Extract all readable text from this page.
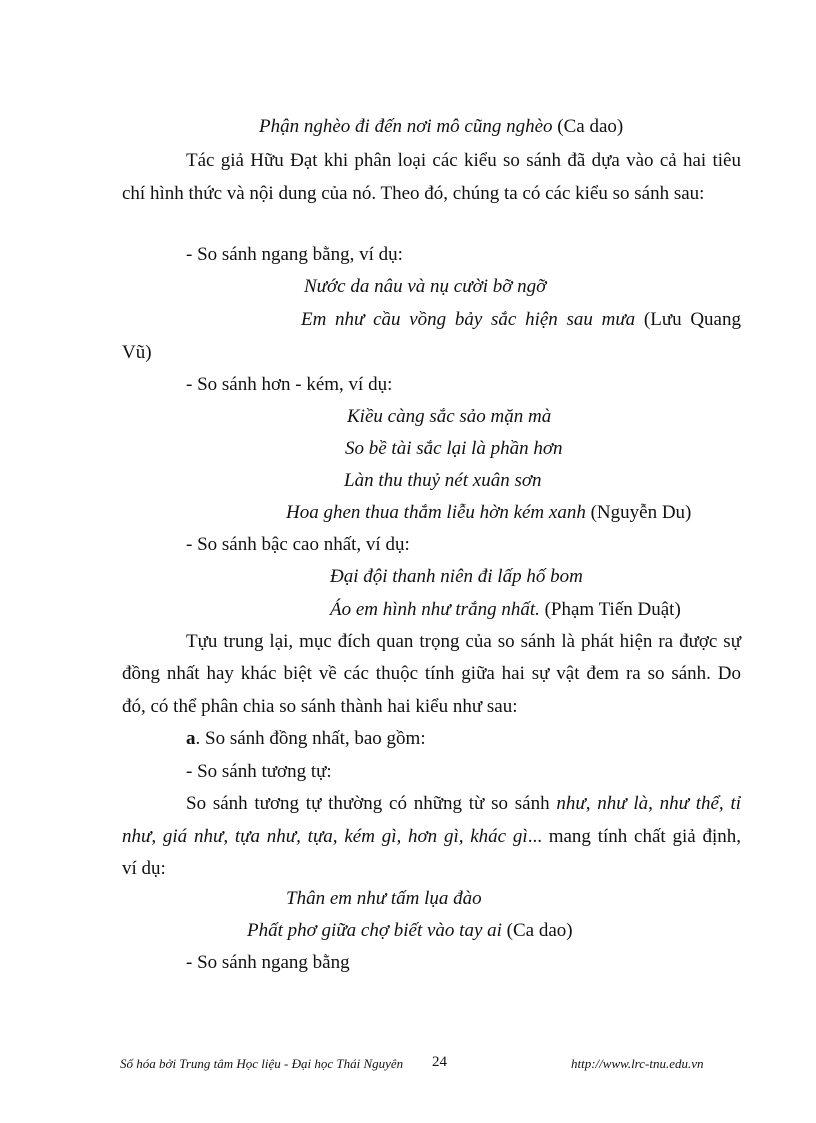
Phận nghèo đi đến nơi mô cũng nghèo (Ca dao)
Tác giả Hữu Đạt khi phân loại các kiểu so sánh đã dựa vào cả hai tiêu
chí hình thức và nội dung của nó. Theo đó, chúng ta có các kiểu so sánh sau:
- So sánh ngang bằng, ví dụ:
Nước da nâu và nụ cười bỡ ngỡ
Em như cầu vồng bảy sắc hiện sau mưa (Lưu Quang
Vũ)
- So sánh hơn - kém, ví dụ:
Kiều càng sắc sảo mặn mà
So bề tài sắc lại là phần hơn
Làn thu thuỷ nét xuân sơn
Hoa ghen thua thắm liễu hờn kém xanh (Nguyễn Du)
- So sánh bậc cao nhất, ví dụ:
Đại đội thanh niên đi lấp hố bom
Áo em hình như trắng nhất. (Phạm Tiến Duật)
Tựu trung lại, mục đích quan trọng của so sánh là phát hiện ra được sự
đồng nhất hay khác biệt về các thuộc tính giữa hai sự vật đem ra so sánh. Do
đó, có thể phân chia so sánh thành hai kiểu như sau:
a. So sánh đồng nhất, bao gồm:
- So sánh tương tự:
So sánh tương tự thường có những từ so sánh như, như là, như thể, tỉ
như, giá như, tựa như, tựa, kém gì, hơn gì, khác gì... mang tính chất giả định,
ví dụ:
Thân em như tấm lụa đào
Phất phơ giữa chợ biết vào tay ai (Ca dao)
- So sánh ngang bằng
Số hóa bởi Trung tâm Học liệu - Đại học Thái Nguyên 24	http://www.lrc-tnu.edu.vn
